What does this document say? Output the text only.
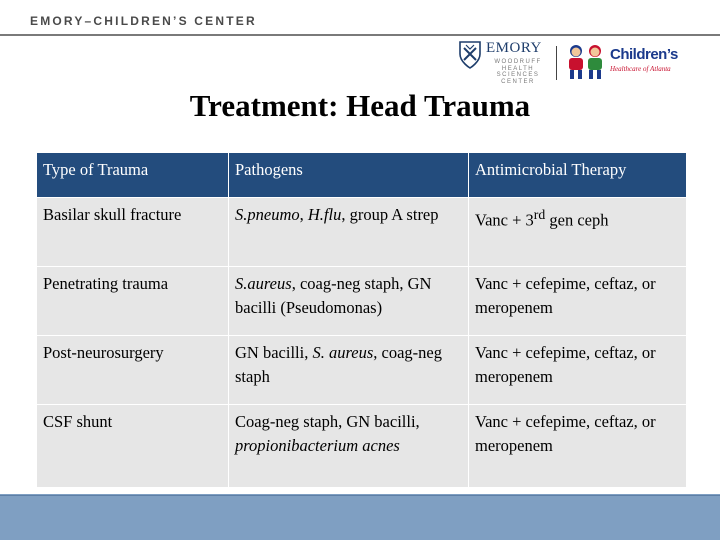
EMORY–CHILDREN’S CENTER
EMORY
WOODRUFF
HEALTH
SCIENCES
CENTER
Children’s
Healthcare of Atlanta
Treatment: Head Trauma
Type of Trauma	Pathogens	Antimicrobial Therapy
Basilar skull fracture	S.pneumo, H.flu, group A strep	Vanc + 3rd gen ceph
Penetrating trauma	S.aureus, coag-neg staph, GN bacilli (Pseudomonas)	Vanc + cefepime, ceftaz, or meropenem
Post-neurosurgery	GN bacilli, S. aureus, coag-neg staph	Vanc + cefepime, ceftaz, or meropenem
CSF shunt	Coag-neg staph, GN bacilli, propionibacterium acnes	Vanc + cefepime, ceftaz, or meropenem
